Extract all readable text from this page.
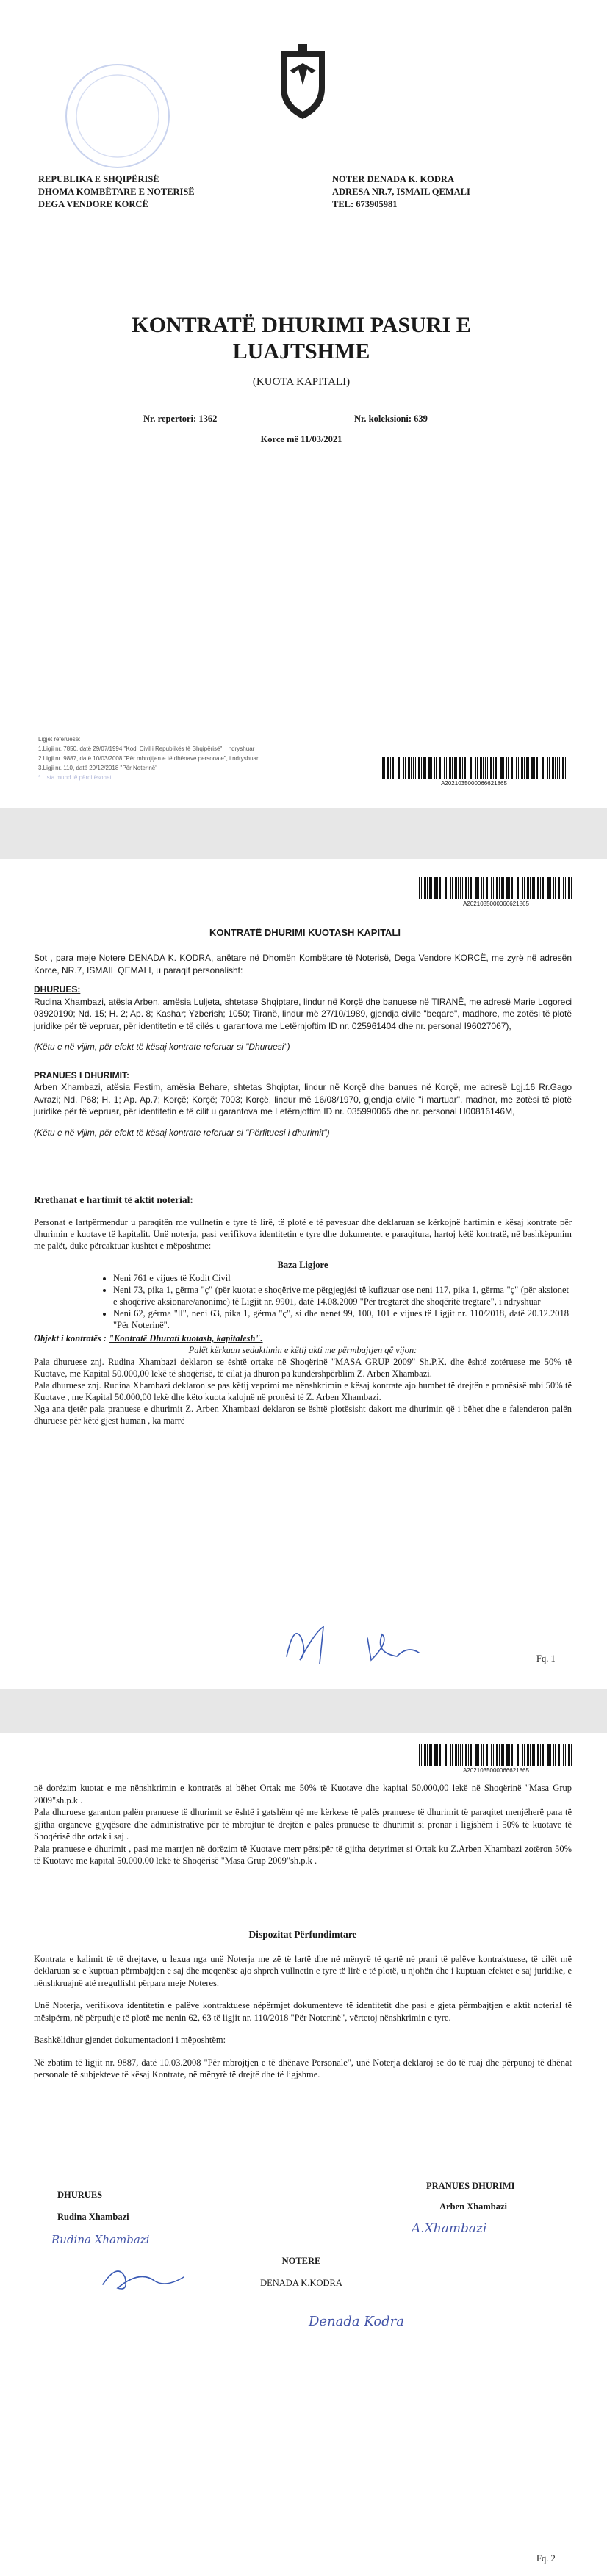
REPUBLIKA E SHQIPËRISË
DHOMA KOMBËTARE E NOTERISË
DEGA VENDORE KORCË
NOTER DENADA K. KODRA
ADRESA NR.7, ISMAIL QEMALI
TEL: 673905981
KONTRATË DHURIMI PASURI E LUAJTSHME
(KUOTA KAPITALI)
Nr. repertori: 1362	Nr. koleksioni: 639
Korce më 11/03/2021
Ligjet referuese:
1.Ligji nr. 7850, datë 29/07/1994 "Kodi Civil i Republikës të Shqipërisë", i ndryshuar
2.Ligji nr. 9887, datë 10/03/2008 "Për mbrojtjen e të dhënave personale", i ndryshuar
3.Ligji nr. 110, datë 20/12/2018 "Për Noterinë"
* Lista mund të përditësohet
A2021035000066621865
A2021035000066621865
KONTRATË DHURIMI KUOTASH KAPITALI

Sot , para meje Notere DENADA K. KODRA, anëtare në Dhomën Kombëtare të Noterisë, Dega Vendore KORCË, me zyrë në adresën Korce, NR.7, ISMAIL QEMALI, u paraqit personalisht:

DHURUES:

Rudina Xhambazi, atësia Arben, amësia Luljeta, shtetase Shqiptare, lindur në Korçë dhe banuese në TIRANË, me adresë Marie Logoreci 03920190; Nd. 15; H. 2; Ap. 8; Kashar; Yzberish; 1050; Tiranë, lindur më 27/10/1989, gjendja civile "beqare", madhore, me zotësi të plotë juridike për të vepruar, për identitetin e të cilës u garantova me Letërnjoftim ID nr. 025961404 dhe nr. personal I96027067),

(Këtu e në vijim, për efekt të kësaj kontrate referuar si "Dhuruesi")

PRANUES I DHURIMIT:

Arben Xhambazi, atësia Festim, amësia Behare, shtetas Shqiptar, lindur në Korçë dhe banues në Korçë, me adresë Lgj.16 Rr.Gago Avrazi; Nd. P68; H. 1; Ap. Ap.7; Korçë; Korçë; 7003; Korçë, lindur më 16/08/1970, gjendja civile "i martuar", madhor, me zotësi të plotë juridike për të vepruar, për identitetin e të cilit u garantova me Letërnjoftim ID nr. 035990065 dhe nr. personal H00816146M,

(Këtu e në vijim, për efekt të kësaj kontrate referuar si "Përfituesi i dhurimit")

Rrethanat e hartimit të aktit noterial:

Personat e lartpërmendur u paraqitën me vullnetin e tyre të lirë, të plotë e të pavesuar dhe deklaruan se kërkojnë hartimin e kësaj kontrate për dhurimin e kuotave të kapitalit. Unë noterja, pasi verifikova identitetin e tyre dhe dokumentet e paraqitura, hartoj këtë kontratë, në bashkëpunim me palët, duke përcaktuar kushtet e mëposhtme:

Baza Ligjore

• Neni 761 e vijues të Kodit Civil
• Neni 73, pika 1, gërma "ç" (për kuotat e shoqërive me përgjegjësi të kufizuar ose neni 117, pika 1, gërma "ç" (për aksionet e shoqërive aksionare/anonime) të Ligjit nr. 9901, datë 14.08.2009 "Për tregtarët dhe shoqëritë tregtare", i ndryshuar
• Neni 62, gërma "ll", neni 63, pika 1, gërma "ç", si dhe nenet 99, 100, 101 e vijues të Ligjit nr. 110/2018, datë 20.12.2018 "Për Noterinë".

Objekt i kontratës : "Kontratë Dhurati kuotash, kapitalesh".

Palët kërkuan sedaktimin e këtij akti me përmbajtjen që vijon:

Pala dhuruese znj. Rudina Xhambazi deklaron se është ortake në Shoqërinë "MASA GRUP 2009" Sh.P.K, dhe është zotëruese me 50% të Kuotave, me Kapital 50.000,00 lekë të shoqërisë, të cilat ja dhuron pa kundërshpërblim Z. Arben Xhambazi.

Pala dhuruese znj. Rudina Xhambazi deklaron se pas këtij veprimi me nënshkrimin e kësaj kontrate ajo humbet të drejtën e pronësisë mbi 50% të Kuotave , me Kapital 50.000,00 lekë dhe këto kuota kalojnë në pronësi të Z. Arben Xhambazi.

Nga ana tjetër pala pranuese e dhurimit Z. Arben Xhambazi deklaron se është plotësisht dakort me dhurimin që i bëhet dhe e falenderon palën dhuruese për këtë gjest human , ka marrë

Fq. 1
A2021035000066621865

në dorëzim kuotat e me nënshkrimin e kontratës ai bëhet Ortak me 50% të Kuotave dhe kapital 50.000,00 lekë në Shoqërinë "Masa Grup 2009"sh.p.k .

Pala dhuruese garanton palën pranuese të dhurimit se është i gatshëm që me kërkese të palës pranuese të dhurimit të paraqitet menjëherë para të gjitha organeve gjyqësore dhe administrative për të mbrojtur të drejtën e palës pranuese të dhurimit si pronar i ligjshëm i 50% të kuotave të Shoqërisë dhe ortak i saj .

Pala pranuese e dhurimit , pasi me marrjen në dorëzim të Kuotave merr përsipër të gjitha detyrimet si Ortak ku Z.Arben Xhambazi zotëron 50% të Kuotave me kapital 50.000,00 lekë të Shoqërisë "Masa Grup 2009"sh.p.k .

Dispozitat Përfundimtare

Kontrata e kalimit të të drejtave, u lexua nga unë Noterja me zë të lartë dhe në mënyrë të qartë në prani të palëve kontraktuese, të cilët më deklaruan se e kuptuan përmbajtjen e saj dhe meqenëse ajo shpreh vullnetin e tyre të lirë e të plotë, u njohën dhe i kuptuan efektet e saj juridike, e nënshkruajnë atë rregullisht përpara meje Noteres.

Unë Noterja, verifikova identitetin e palëve kontraktuese nëpërmjet dokumenteve të identitetit dhe pasi e gjeta përmbajtjen e aktit noterial të mësipërm, në përputhje të plotë me nenin 62, 63 të ligjit nr. 110/2018 "Për Noterinë", vërtetoj nënshkrimin e tyre.

Bashkëlidhur gjendet dokumentacioni i mëposhtëm:

Në zbatim të ligjit nr. 9887, datë 10.03.2008 "Për mbrojtjen e të dhënave Personale", unë Noterja deklaroj se do të ruaj dhe përpunoj të dhënat personale të subjekteve të kësaj Kontrate, në mënyrë të drejtë dhe të ligjshme.

DHURUES
Rudina Xhambazi
Rudina Xhambazi
PRANUES DHURIMI
Arben Xhambazi
A.Xhambazi
NOTERE
DENADA K.KODRA
Denada Kodra
Fq. 2
